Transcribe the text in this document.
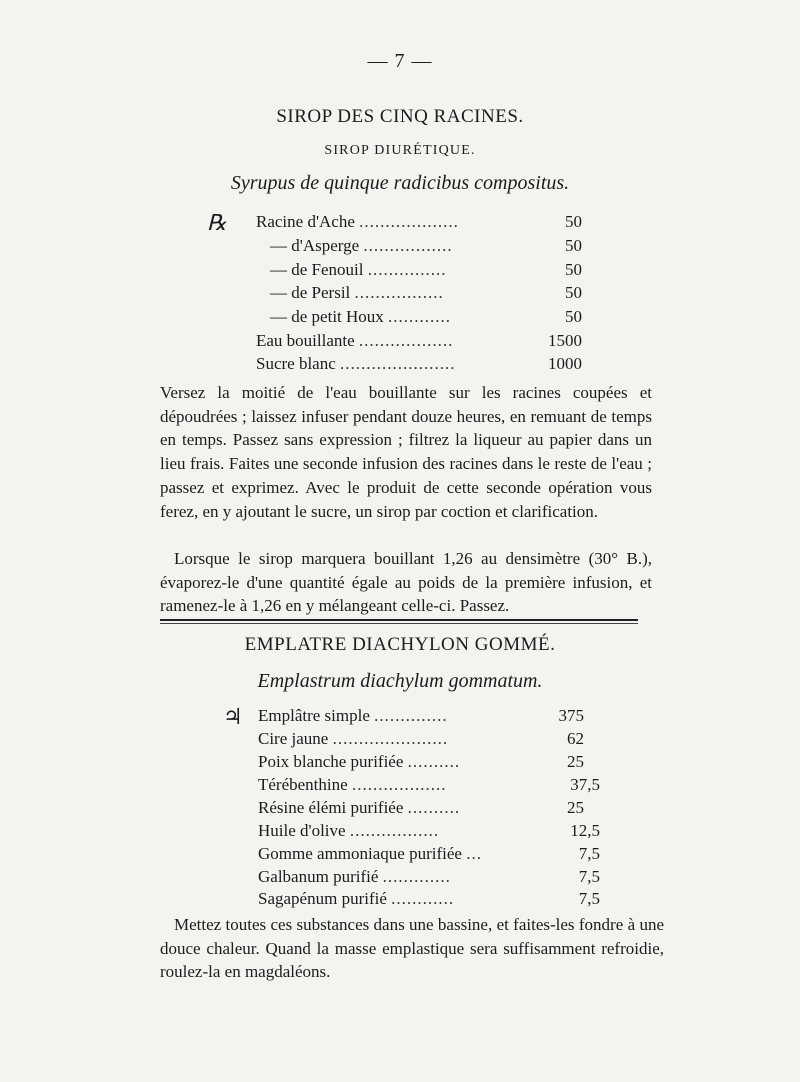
— 7 —
SIROP DES CINQ RACINES.
SIROP DIURÉTIQUE.
Syrupus de quinque radicibus compositus.
℞ Racine d'Ache ...................	50
— d'Asperge .................	50
— de Fenouil ...............	50
— de Persil .................	50
— de petit Houx ............	50
Eau bouillante ..................	1500
Sucre blanc ......................	1000
Versez la moitié de l'eau bouillante sur les racines coupées et dépoudrées ; laissez infuser pendant douze heures, en remuant de temps en temps. Passez sans expression ; filtrez la liqueur au papier dans un lieu frais. Faites une seconde infusion des racines dans le reste de l'eau ; passez et exprimez. Avec le produit de cette seconde opération vous ferez, en y ajoutant le sucre, un sirop par coction et clarification.
Lorsque le sirop marquera bouillant 1,26 au densimètre (30° B.), évaporez-le d'une quantité égale au poids de la première infusion, et ramenez-le à 1,26 en y mélangeant celle-ci. Passez.
EMPLATRE DIACHYLON GOMMÉ.
Emplastrum diachylum gommatum.
♃ Emplâtre simple ..............	375
Cire jaune ......................	62
Poix blanche purifiée ..........	25
Térébenthine ..................	37,5
Résine élémi purifiée ..........	25
Huile d'olive .................	12,5
Gomme ammoniaque purifiée ...	7,5
Galbanum purifié .............	7,5
Sagapénum purifié ............	7,5
Mettez toutes ces substances dans une bassine, et faites-les fondre à une douce chaleur. Quand la masse emplastique sera suffisamment refroidie, roulez-la en magdaléons.
